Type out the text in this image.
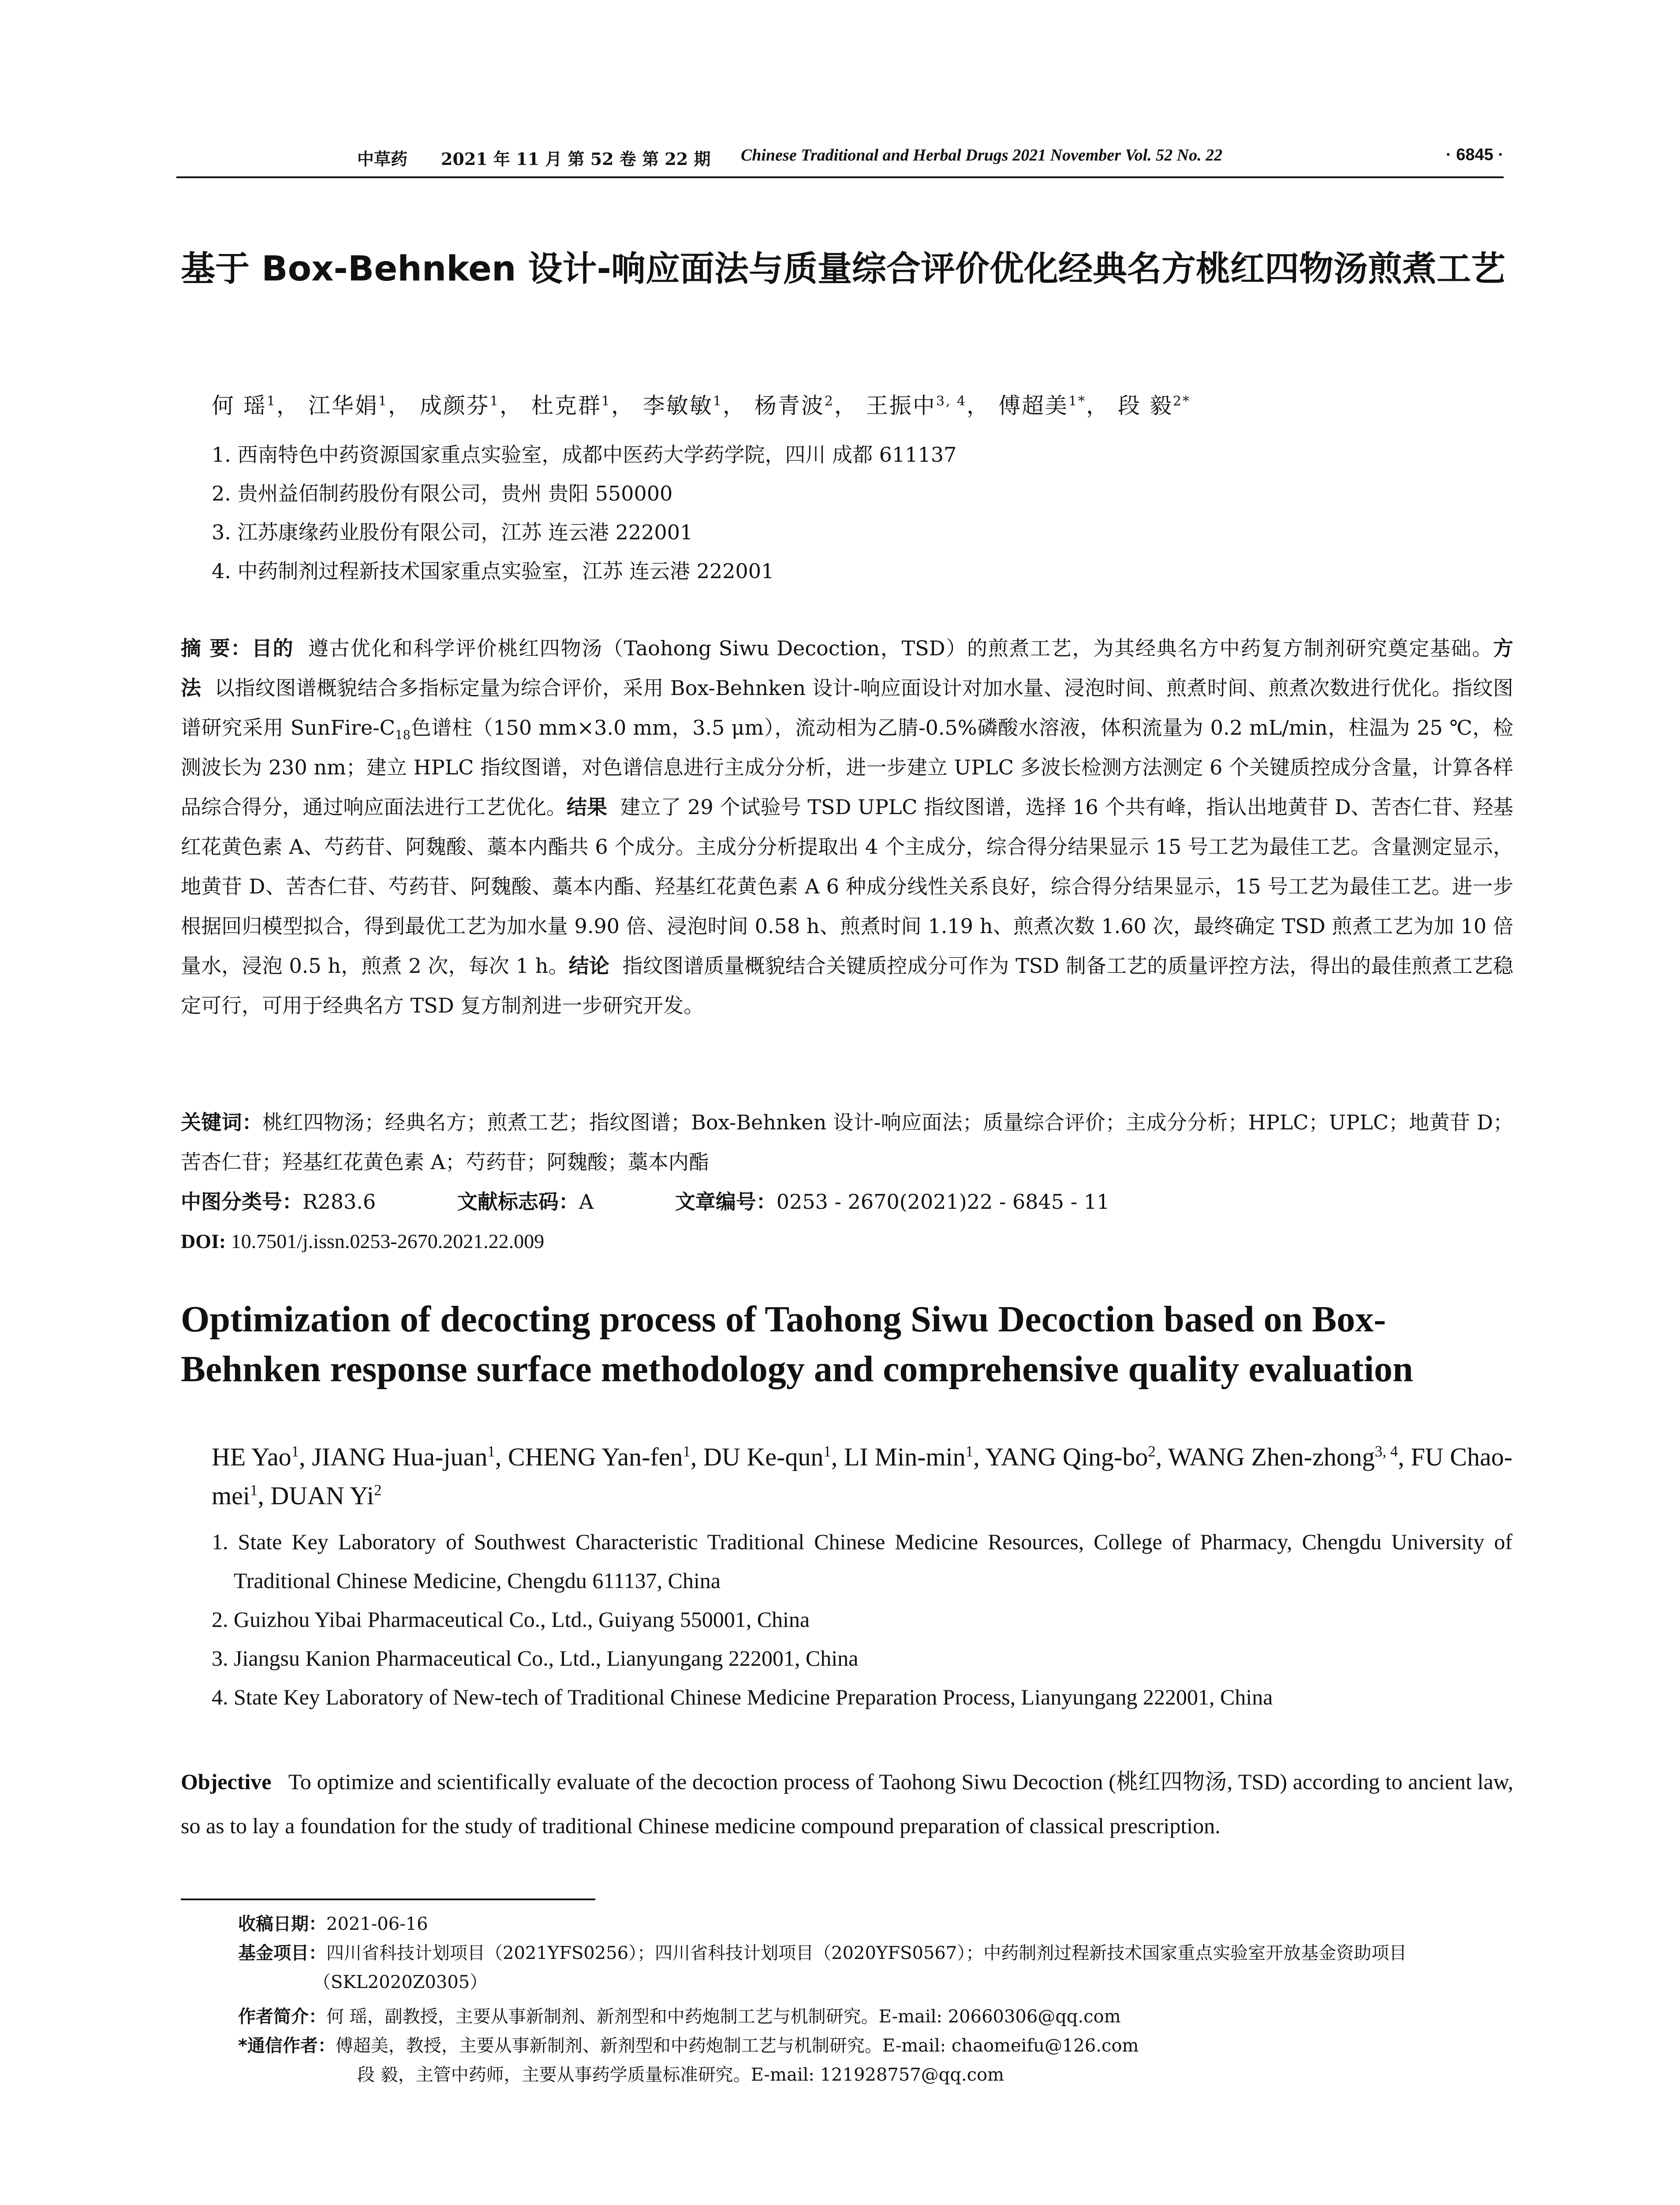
中草药 2021 年 11 月 第 52 卷 第 22 期 Chinese Traditional and Herbal Drugs 2021 November Vol. 52 No. 22	· 6845 ·
基于 Box-Behnken 设计-响应面法与质量综合评价优化经典名方桃红四物汤煎煮工艺
何 瑶$^1$， 江华娟$^1$， 成颜芬$^1$， 杜克群$^1$， 李敏敏$^1$， 杨青波$^2$， 王振中$^{3, 4}$， 傅超美$^{1*}$， 段 毅$^{2*}$
1. 西南特色中药资源国家重点实验室，成都中医药大学药学院，四川 成都 611137
2. 贵州益佰制药股份有限公司，贵州 贵阳 550000
3. 江苏康缘药业股份有限公司，江苏 连云港 222001
4. 中药制剂过程新技术国家重点实验室，江苏 连云港 222001
摘 要：目的 遵古优化和科学评价桃红四物汤（Taohong Siwu Decoction，TSD）的煎煮工艺，为其经典名方中药复方制剂研究奠定基础。方法 以指纹图谱概貌结合多指标定量为综合评价，采用 Box-Behnken 设计-响应面设计对加水量、浸泡时间、煎煮时间、煎煮次数进行优化。指纹图谱研究采用 SunFire-$C_{18}$色谱柱（150 mm×3.0 mm，3.5 μm），流动相为乙腈-0.5%磷酸水溶液，体积流量为 0.2 mL/min，柱温为 25 ℃，检测波长为 230 nm；建立 HPLC 指纹图谱，对色谱信息进行主成分分析，进一步建立 UPLC 多波长检测方法测定 6 个关键质控成分含量，计算各样品综合得分，通过响应面法进行工艺优化。结果 建立了 29 个试验号 TSD UPLC 指纹图谱，选择 16 个共有峰，指认出地黄苷 D、苦杏仁苷、羟基红花黄色素 A、芍药苷、阿魏酸、藁本内酯共 6 个成分。主成分分析提取出 4 个主成分，综合得分结果显示 15 号工艺为最佳工艺。含量测定显示，地黄苷 D、苦杏仁苷、芍药苷、阿魏酸、藁本内酯、羟基红花黄色素 A 6 种成分线性关系良好，综合得分结果显示，15 号工艺为最佳工艺。进一步根据回归模型拟合，得到最优工艺为加水量 9.90 倍、浸泡时间 0.58 h、煎煮时间 1.19 h、煎煮次数 1.60 次，最终确定 TSD 煎煮工艺为加 10 倍量水，浸泡 0.5 h，煎煮 2 次，每次 1 h。结论 指纹图谱质量概貌结合关键质控成分可作为 TSD 制备工艺的质量评控方法，得出的最佳煎煮工艺稳定可行，可用于经典名方 TSD 复方制剂进一步研究开发。
关键词：桃红四物汤；经典名方；煎煮工艺；指纹图谱；Box-Behnken 设计-响应面法；质量综合评价；主成分分析；HPLC；UPLC；地黄苷 D；苦杏仁苷；羟基红花黄色素 A；芍药苷；阿魏酸；藁本内酯
中图分类号：R283.6	文献标志码：A	文章编号：0253 - 2670(2021)22 - 6845 - 11
DOI: 10.7501/j.issn.0253-2670.2021.22.009
Optimization of decocting process of Taohong Siwu Decoction based on Box-Behnken response surface methodology and comprehensive quality evaluation
HE Yao$^1$, JIANG Hua-juan$^1$, CHENG Yan-fen$^1$, DU Ke-qun$^1$, LI Min-$\min^1$, YANG Qing-$bo^2$, WANG Zhen-zhong$^{3, 4}$, FU Chao-mei$^1$, DUAN Yi$^2$
1. State Key Laboratory of Southwest Characteristic Traditional Chinese Medicine Resources, College of Pharmacy, Chengdu University of Traditional Chinese Medicine, Chengdu 611137, China
2. Guizhou Yibai Pharmaceutical Co., Ltd., Guiyang 550001, China
3. Jiangsu Kanion Pharmaceutical Co., Ltd., Lianyungang 222001, China
4. State Key Laboratory of New-tech of Traditional Chinese Medicine Preparation Process, Lianyungang 222001, China
Objective To optimize and scientifically evaluate of the decoction process of Taohong Siwu Decoction (桃红四物汤, TSD) according to ancient law, so as to lay a foundation for the study of traditional Chinese medicine compound preparation of classical prescription.
收稿日期：2021-06-16
基金项目：四川省科技计划项目（2021YFS0256）；四川省科技计划项目（2020YFS0567）；中药制剂过程新技术国家重点实验室开放基金资助项目（SKL2020Z0305）
作者简介：何 瑶，副教授，主要从事新制剂、新剂型和中药炮制工艺与机制研究。E-mail: 20660306@qq.com
*通信作者：傅超美，教授，主要从事新制剂、新剂型和中药炮制工艺与机制研究。E-mail: chaomeifu@126.com
段 毅，主管中药师，主要从事药学质量标准研究。E-mail: 121928757@qq.com
